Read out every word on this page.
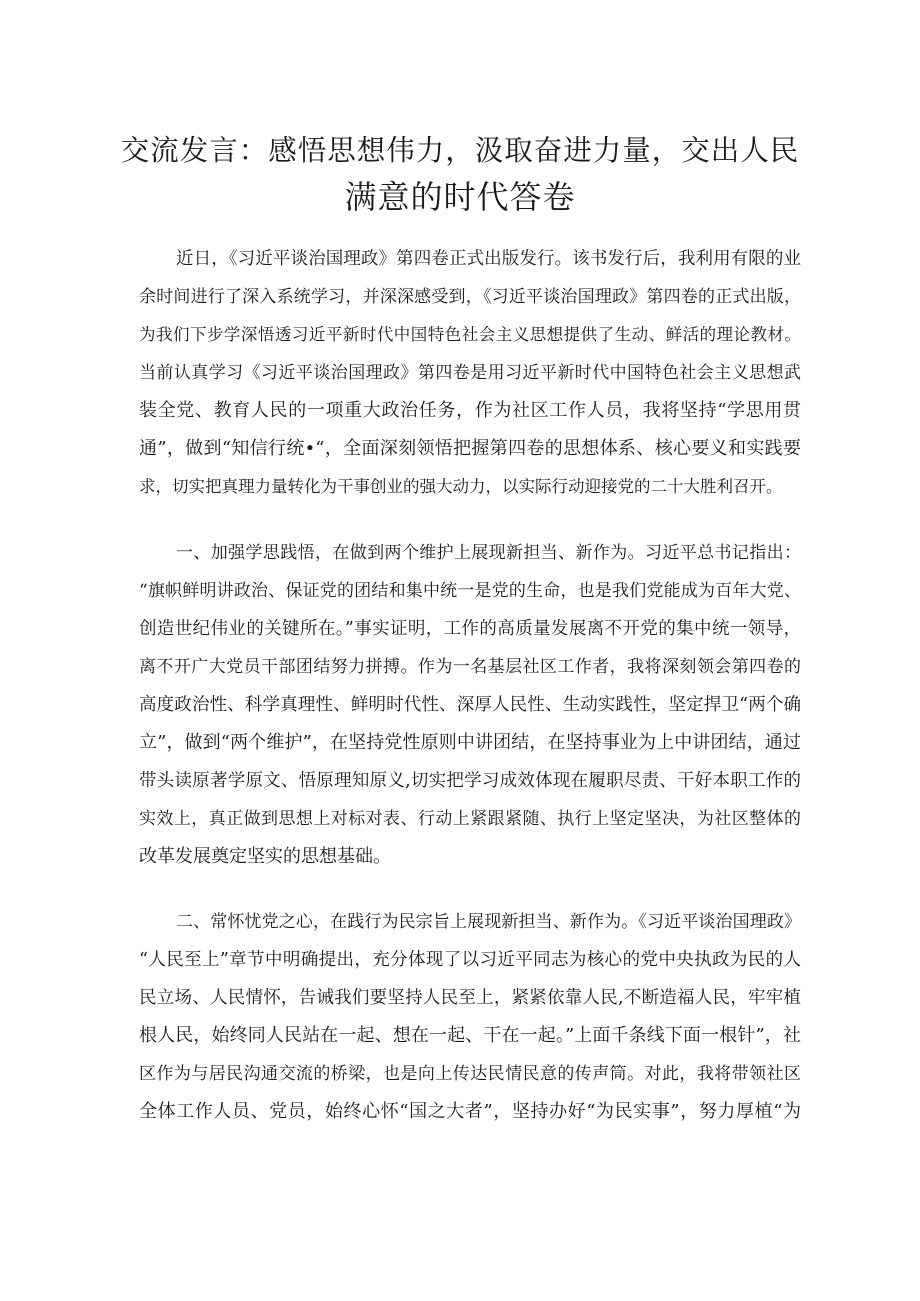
交流发言：感悟思想伟力，汲取奋进力量，交出人民
满意的时代答卷
近日，《习近平谈治国理政》第四卷正式出版发行。该书发行后，我利用有限的业
余时间进行了深入系统学习，并深深感受到，《习近平谈治国理政》第四卷的正式出版，
为我们下步学深悟透习近平新时代中国特色社会主义思想提供了生动、鲜活的理论教材。
当前认真学习《习近平谈治国理政》第四卷是用习近平新时代中国特色社会主义思想武
装全党、教育人民的一项重大政治任务，作为社区工作人员，我将坚持“学思用贯
通”，做到“知信行统•“，全面深刻领悟把握第四卷的思想体系、核心要义和实践要
求，切实把真理力量转化为干事创业的强大动力，以实际行动迎接党的二十大胜利召开。
一、加强学思践悟，在做到两个维护上展现新担当、新作为。习近平总书记指出：
“旗帜鲜明讲政治、保证党的团结和集中统一是党的生命，也是我们党能成为百年大党、
创造世纪伟业的关键所在。”事实证明，工作的高质量发展离不开党的集中统一领导，
离不开广大党员干部团结努力拼搏。作为一名基层社区工作者，我将深刻领会第四卷的
高度政治性、科学真理性、鲜明时代性、深厚人民性、生动实践性，坚定捍卫“两个确
立”，做到“两个维护”，在坚持党性原则中讲团结，在坚持事业为上中讲团结，通过
带头读原著学原文、悟原理知原义,切实把学习成效体现在履职尽责、干好本职工作的
实效上，真正做到思想上对标对表、行动上紧跟紧随、执行上坚定坚决，为社区整体的
改革发展奠定坚实的思想基础。
二、常怀忧党之心，在践行为民宗旨上展现新担当、新作为。《习近平谈治国理政》
“人民至上”章节中明确提出，充分体现了以习近平同志为核心的党中央执政为民的人
民立场、人民情怀，告诫我们要坚持人民至上，紧紧依靠人民,不断造福人民，牢牢植
根人民，始终同人民站在一起、想在一起、干在一起。”上面千条线下面一根针”，社
区作为与居民沟通交流的桥梁，也是向上传达民情民意的传声筒。对此，我将带领社区
全体工作人员、党员，始终心怀“国之大者”，坚持办好“为民实事”，努力厚植“为
